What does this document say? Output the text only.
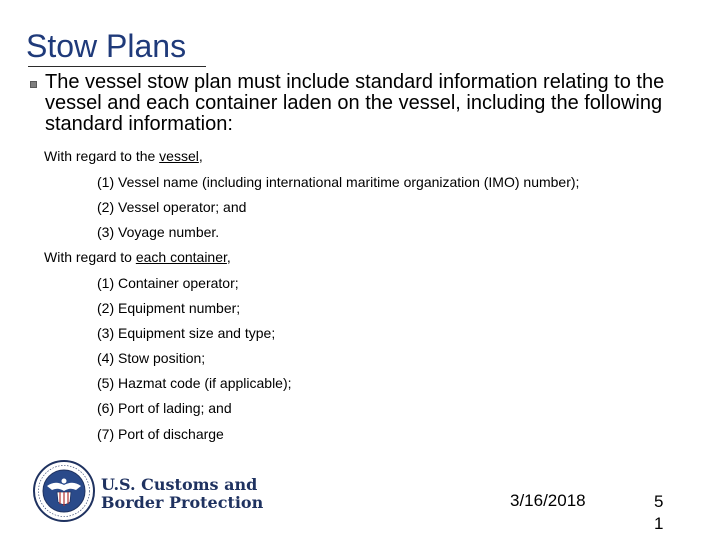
Stow Plans

The vessel stow plan must include standard information relating to the vessel and each container laden on the vessel, including the following standard information:

With regard to the vessel,
(1) Vessel name (including international maritime organization (IMO) number);
(2) Vessel operator; and
(3) Voyage number.
With regard to each container,
(1) Container operator;
(2) Equipment number;
(3) Equipment size and type;
(4) Stow position;
(5) Hazmat code (if applicable);
(6) Port of lading; and
(7) Port of discharge
U.S. Customs and
Border Protection	3/16/2018	51
